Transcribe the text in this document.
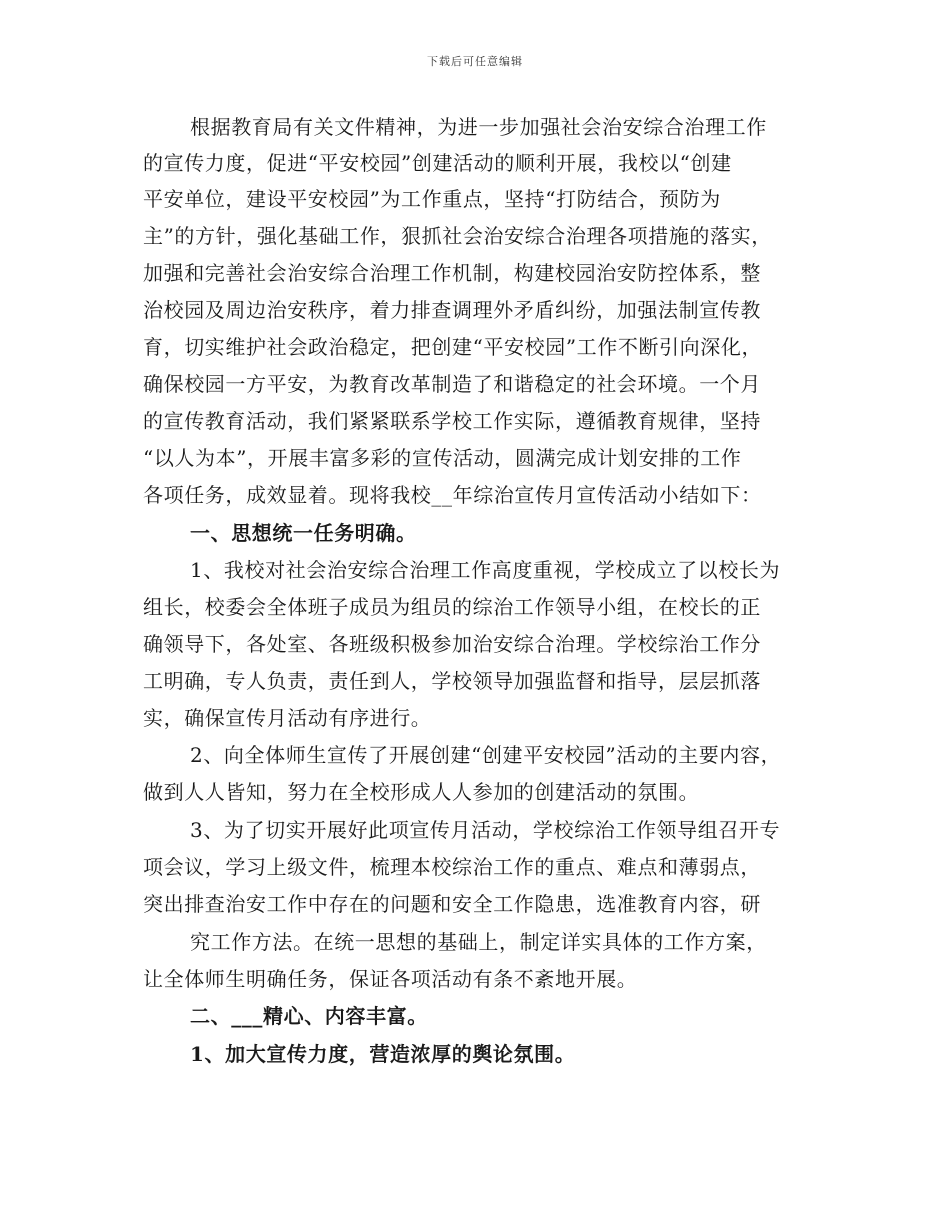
下载后可任意编辑
根据教育局有关文件精神，为进一步加强社会治安综合治理工作
的宣传力度，促进“平安校园”创建活动的顺利开展，我校以“创建
平安单位，建设平安校园”为工作重点，坚持“打防结合，预防为
主”的方针，强化基础工作，狠抓社会治安综合治理各项措施的落实，
加强和完善社会治安综合治理工作机制，构建校园治安防控体系，整
治校园及周边治安秩序，着力排查调理外矛盾纠纷，加强法制宣传教
育，切实维护社会政治稳定，把创建“平安校园”工作不断引向深化，
确保校园一方平安，为教育改革制造了和谐稳定的社会环境。一个月
的宣传教育活动，我们紧紧联系学校工作实际，遵循教育规律，坚持
“以人为本”，开展丰富多彩的宣传活动，圆满完成计划安排的工作
各项任务，成效显着。现将我校__年综治宣传月宣传活动小结如下：
一、思想统一任务明确。
1、我校对社会治安综合治理工作高度重视，学校成立了以校长为
组长，校委会全体班子成员为组员的综治工作领导小组，在校长的正
确领导下，各处室、各班级积极参加治安综合治理。学校综治工作分
工明确，专人负责，责任到人，学校领导加强监督和指导，层层抓落
实，确保宣传月活动有序进行。
2、向全体师生宣传了开展创建“创建平安校园”活动的主要内容，
做到人人皆知，努力在全校形成人人参加的创建活动的氛围。
3、为了切实开展好此项宣传月活动，学校综治工作领导组召开专
项会议，学习上级文件，梳理本校综治工作的重点、难点和薄弱点，
突出排查治安工作中存在的问题和安全工作隐患，选准教育内容，研
究工作方法。在统一思想的基础上，制定详实具体的工作方案，
让全体师生明确任务，保证各项活动有条不紊地开展。
二、___精心、内容丰富。
1、加大宣传力度，营造浓厚的舆论氛围。
